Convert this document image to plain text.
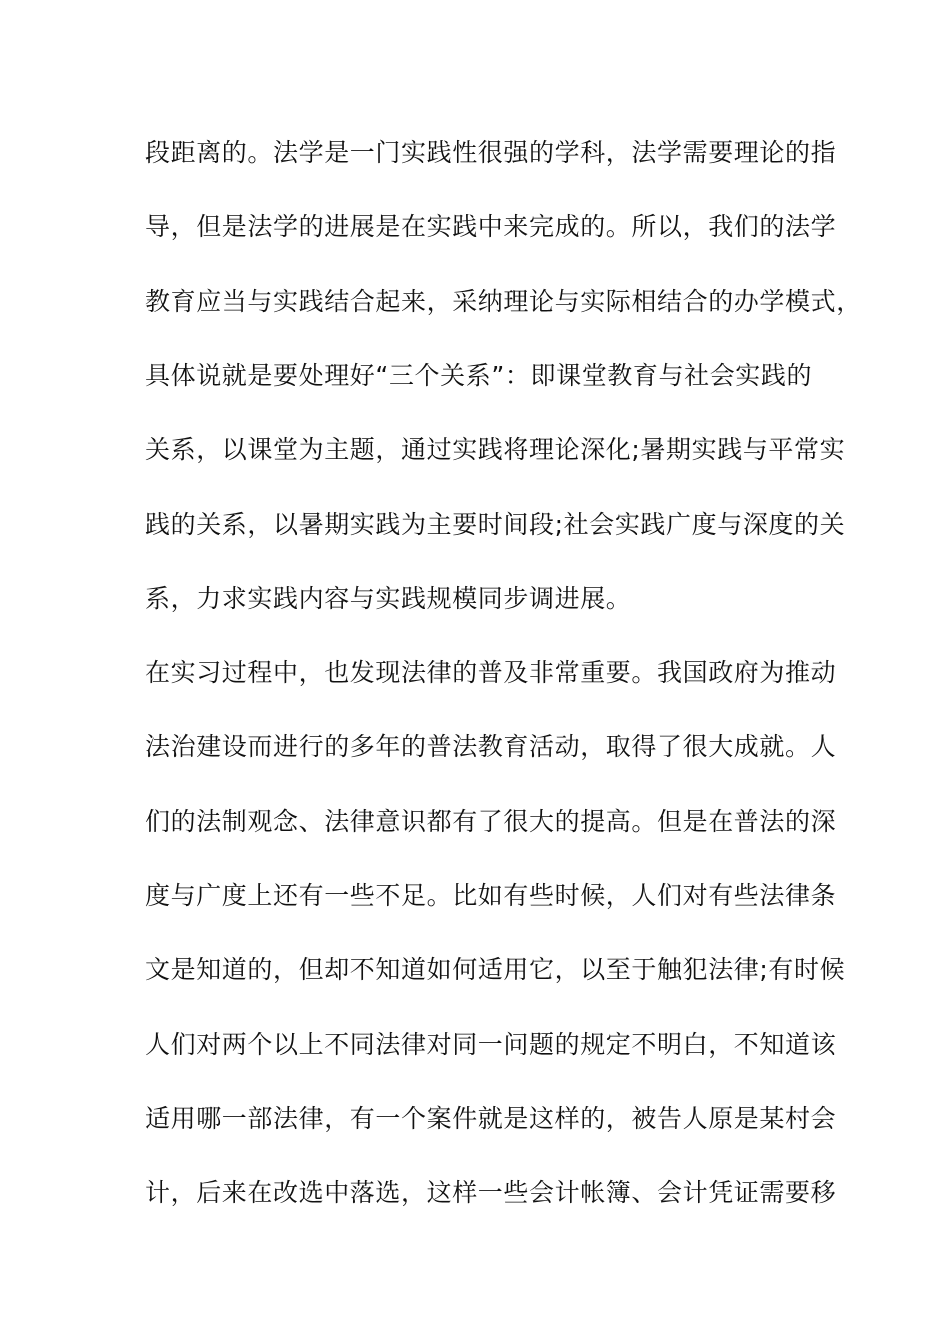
段距离的。法学是一门实践性很强的学科，法学需要理论的指
导，但是法学的进展是在实践中来完成的。所以，我们的法学
教育应当与实践结合起来，采纳理论与实际相结合的办学模式，
具体说就是要处理好“三个关系”：即课堂教育与社会实践的
关系，以课堂为主题，通过实践将理论深化;暑期实践与平常实
践的关系，以暑期实践为主要时间段;社会实践广度与深度的关
系，力求实践内容与实践规模同步调进展。
在实习过程中，也发现法律的普及非常重要。我国政府为推动
法治建设而进行的多年的普法教育活动，取得了很大成就。人
们的法制观念、法律意识都有了很大的提高。但是在普法的深
度与广度上还有一些不足。比如有些时候，人们对有些法律条
文是知道的，但却不知道如何适用它，以至于触犯法律;有时候
人们对两个以上不同法律对同一问题的规定不明白，不知道该
适用哪一部法律，有一个案件就是这样的，被告人原是某村会
计，后来在改选中落选，这样一些会计帐簿、会计凭证需要移
